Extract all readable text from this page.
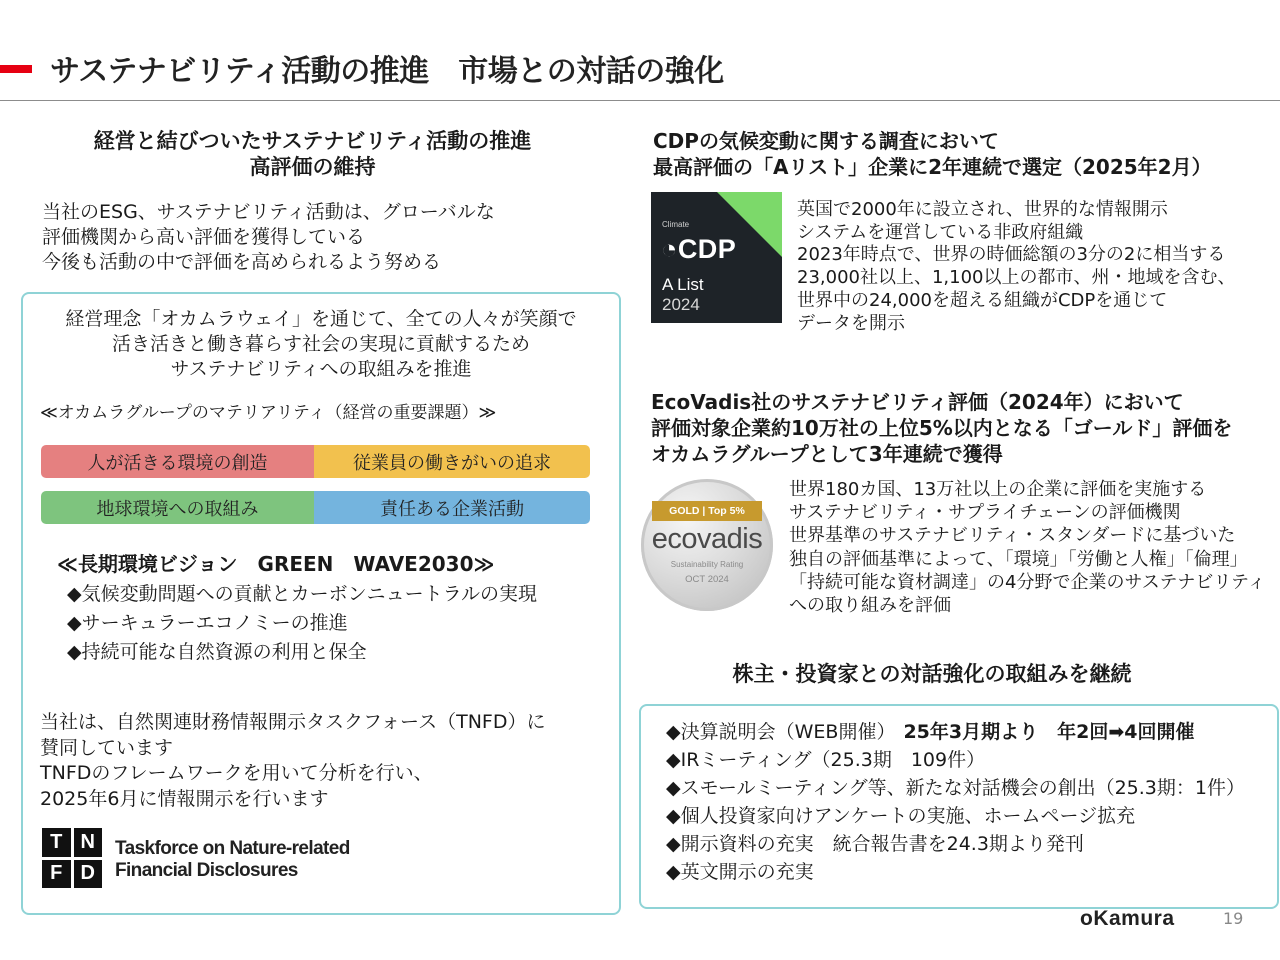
サステナビリティ活動の推進　市場との対話の強化
経営と結びついたサステナビリティ活動の推進
高評価の維持
当社のESG、サステナビリティ活動は、グローバルな
評価機関から高い評価を獲得している
今後も活動の中で評価を高められるよう努める
経営理念「オカムラウェイ」を通じて、全ての人々が笑顔で
活き活きと働き暮らす社会の実現に貢献するため
サステナビリティへの取組みを推進
≪オカムラグループのマテリアリティ（経営の重要課題）≫
人が活きる環境の創造	従業員の働きがいの追求
地球環境への取組み	責任ある企業活動
≪長期環境ビジョン　GREEN　WAVE2030≫
◆気候変動問題への貢献とカーボンニュートラルの実現
◆サーキュラーエコノミーの推進
◆持続可能な自然資源の利用と保全
当社は、自然関連財務情報開示タスクフォース（TNFD）に
賛同しています
TNFDのフレームワークを用いて分析を行い、
2025年6月に情報開示を行います
T N
F D
Taskforce on Nature-related
Financial Disclosures
CDPの気候変動に関する調査において
最高評価の「Aリスト」企業に2年連続で選定（2025年2月）
Climate
◔CDP
A List
2024
英国で2000年に設立され、世界的な情報開示
システムを運営している非政府組織
2023年時点で、世界の時価総額の3分の2に相当する
23,000社以上、1,100以上の都市、州・地域を含む、
世界中の24,000を超える組織がCDPを通じて
データを開示
EcoVadis社のサステナビリティ評価（2024年）において
評価対象企業約10万社の上位5%以内となる「ゴールド」評価を
オカムラグループとして3年連続で獲得
GOLD | Top 5%
ecovadis
Sustainability Rating
OCT 2024
世界180カ国、13万社以上の企業に評価を実施する
サステナビリティ・サプライチェーンの評価機関
世界基準のサステナビリティ・スタンダードに基づいた
独自の評価基準によって、「環境」「労働と人権」「倫理」
「持続可能な資材調達」の4分野で企業のサステナビリティ
への取り組みを評価
株主・投資家との対話強化の取組みを継続
◆決算説明会（WEB開催） 25年3月期より　年2回➡4回開催
◆IRミーティング（25.3期　109件）
◆スモールミーティング等、新たな対話機会の創出（25.3期：1件）
◆個人投資家向けアンケートの実施、ホームページ拡充
◆開示資料の充実　統合報告書を24.3期より発刊
◆英文開示の充実
oKamura	19
